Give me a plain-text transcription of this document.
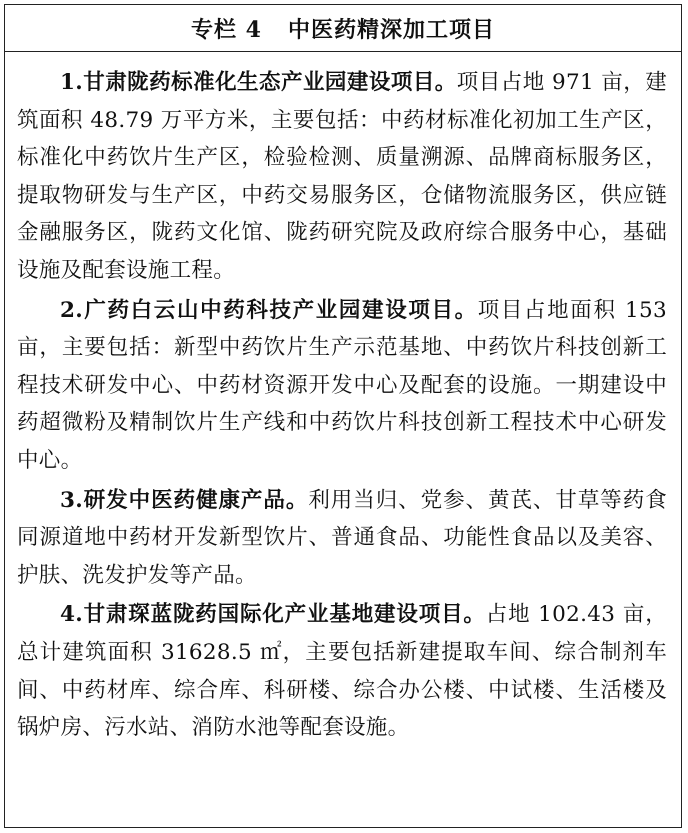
专栏 4 中医药精深加工项目

1.甘肃陇药标准化生态产业园建设项目。项目占地 971 亩，建筑面积 48.79 万平方米，主要包括：中药材标准化初加工生产区，标准化中药饮片生产区，检验检测、质量溯源、品牌商标服务区，提取物研发与生产区，中药交易服务区，仓储物流服务区，供应链金融服务区，陇药文化馆、陇药研究院及政府综合服务中心，基础设施及配套设施工程。

2.广药白云山中药科技产业园建设项目。项目占地面积 153 亩，主要包括：新型中药饮片生产示范基地、中药饮片科技创新工程技术研发中心、中药材资源开发中心及配套的设施。一期建设中药超微粉及精制饮片生产线和中药饮片科技创新工程技术中心研发中心。

3.研发中医药健康产品。利用当归、党参、黄芪、甘草等药食同源道地中药材开发新型饮片、普通食品、功能性食品以及美容、护肤、洗发护发等产品。

4.甘肃琛蓝陇药国际化产业基地建设项目。占地 102.43 亩，总计建筑面积 31628.5 ㎡，主要包括新建提取车间、综合制剂车间、中药材库、综合库、科研楼、综合办公楼、中试楼、生活楼及锅炉房、污水站、消防水池等配套设施。
